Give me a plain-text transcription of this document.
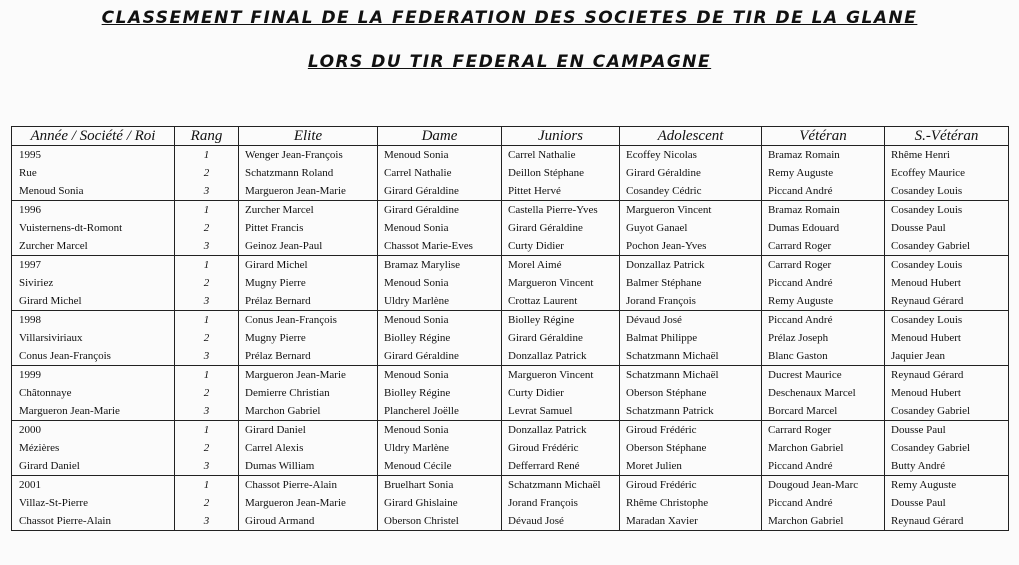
CLASSEMENT FINAL DE LA FEDERATION DES SOCIETES DE TIR DE LA GLANE
LORS DU TIR FEDERAL EN CAMPAGNE
Année / Société / Roi	Rang	Elite	Dame	Juniors	Adolescent	Vétéran	S.-Vétéran
1995	1	Wenger Jean-François	Menoud Sonia	Carrel Nathalie	Ecoffey Nicolas	Bramaz Romain	Rhême Henri
Rue	2	Schatzmann Roland	Carrel Nathalie	Deillon Stéphane	Girard Géraldine	Remy Auguste	Ecoffey Maurice
Menoud Sonia	3	Margueron Jean-Marie	Girard Géraldine	Pittet Hervé	Cosandey Cédric	Piccand André	Cosandey Louis
1996	1	Zurcher Marcel	Girard Géraldine	Castella Pierre-Yves	Margueron Vincent	Bramaz Romain	Cosandey Louis
Vuisternens-dt-Romont	2	Pittet Francis	Menoud Sonia	Girard Géraldine	Guyot Ganael	Dumas Edouard	Dousse Paul
Zurcher Marcel	3	Geinoz Jean-Paul	Chassot Marie-Eves	Curty Didier	Pochon Jean-Yves	Carrard Roger	Cosandey Gabriel
1997	1	Girard Michel	Bramaz Marylise	Morel Aimé	Donzallaz Patrick	Carrard Roger	Cosandey Louis
Siviriez	2	Mugny Pierre	Menoud Sonia	Margueron Vincent	Balmer Stéphane	Piccand André	Menoud Hubert
Girard Michel	3	Prélaz Bernard	Uldry Marlène	Crottaz Laurent	Jorand François	Remy Auguste	Reynaud Gérard
1998	1	Conus Jean-François	Menoud Sonia	Biolley Régine	Dévaud José	Piccand André	Cosandey Louis
Villarsiviriaux	2	Mugny Pierre	Biolley Régine	Girard Géraldine	Balmat Philippe	Prélaz Joseph	Menoud Hubert
Conus Jean-François	3	Prélaz Bernard	Girard Géraldine	Donzallaz Patrick	Schatzmann Michaël	Blanc Gaston	Jaquier Jean
1999	1	Margueron Jean-Marie	Menoud Sonia	Margueron Vincent	Schatzmann Michaël	Ducrest Maurice	Reynaud Gérard
Châtonnaye	2	Demierre Christian	Biolley Régine	Curty Didier	Oberson Stéphane	Deschenaux Marcel	Menoud Hubert
Margueron Jean-Marie	3	Marchon Gabriel	Plancherel Joëlle	Levrat Samuel	Schatzmann Patrick	Borcard Marcel	Cosandey Gabriel
2000	1	Girard Daniel	Menoud Sonia	Donzallaz Patrick	Giroud Frédéric	Carrard Roger	Dousse Paul
Mézières	2	Carrel Alexis	Uldry Marlène	Giroud Frédéric	Oberson Stéphane	Marchon Gabriel	Cosandey Gabriel
Girard Daniel	3	Dumas William	Menoud Cécile	Defferrard René	Moret Julien	Piccand André	Butty André
2001	1	Chassot Pierre-Alain	Bruelhart Sonia	Schatzmann Michaël	Giroud Frédéric	Dougoud Jean-Marc	Remy Auguste
Villaz-St-Pierre	2	Margueron Jean-Marie	Girard Ghislaine	Jorand François	Rhême Christophe	Piccand André	Dousse Paul
Chassot Pierre-Alain	3	Giroud Armand	Oberson Christel	Dévaud José	Maradan Xavier	Marchon Gabriel	Reynaud Gérard
